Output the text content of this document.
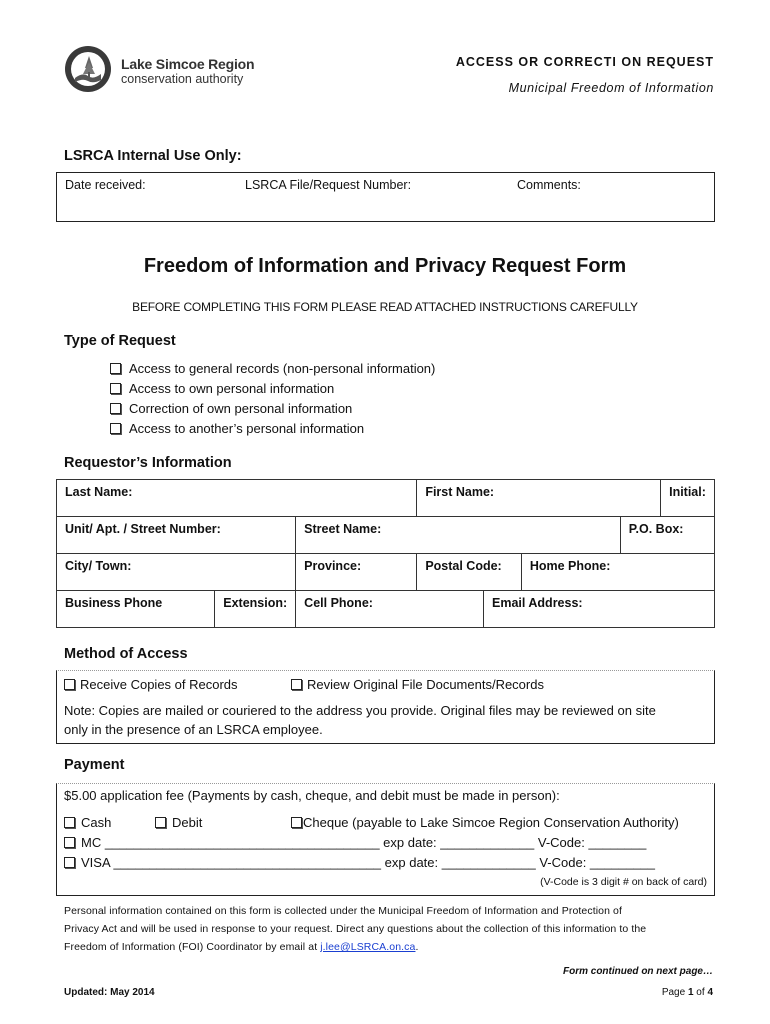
Lake Simcoe Region
conservation authority
ACCESS OR CORRECTI ON REQUEST
Municipal Freedom of Information
LSRCA Internal Use Only:
Date received:	LSRCA File/Request Number:	Comments:
Freedom of Information and Privacy Request Form
BEFORE COMPLETING THIS FORM PLEASE READ ATTACHED INSTRUCTIONS CAREFULLY
Type of Request
Access to general records (non-personal information)
Access to own personal information
Correction of own personal information
Access to another’s personal information
Requestor’s Information
Last Name:			First Name:				Initial:
Unit/ Apt. / Street Number:		Street Name:				P.O. Box:	
City/ Town:		Province:	Postal Code:		Home Phone:		
Business Phone	Extension:	Cell Phone:		Email Address:			
Method of Access
Receive Copies of Records	Review Original File Documents/Records
Note: Copies are mailed or couriered to the address you provide. Original files may be reviewed on site
only in the presence of an LSRCA employee.
Payment
$5.00 application fee (Payments by cash, cheque, and debit must be made in person):
Cash	Debit	Cheque (payable to Lake Simcoe Region Conservation Authority)
MC ______________________________________ exp date: _____________ V-Code: ________
VISA _____________________________________ exp date: _____________ V-Code: _________
(V-Code is 3 digit # on back of card)
Personal information contained on this form is collected under the Municipal Freedom of Information and Protection of
Privacy Act and will be used in response to your request. Direct any questions about the collection of this information to the
Freedom of Information (FOI) Coordinator by email at j.lee@LSRCA.on.ca.
Form continued on next page…
Updated: May 2014	Page 1 of 4
